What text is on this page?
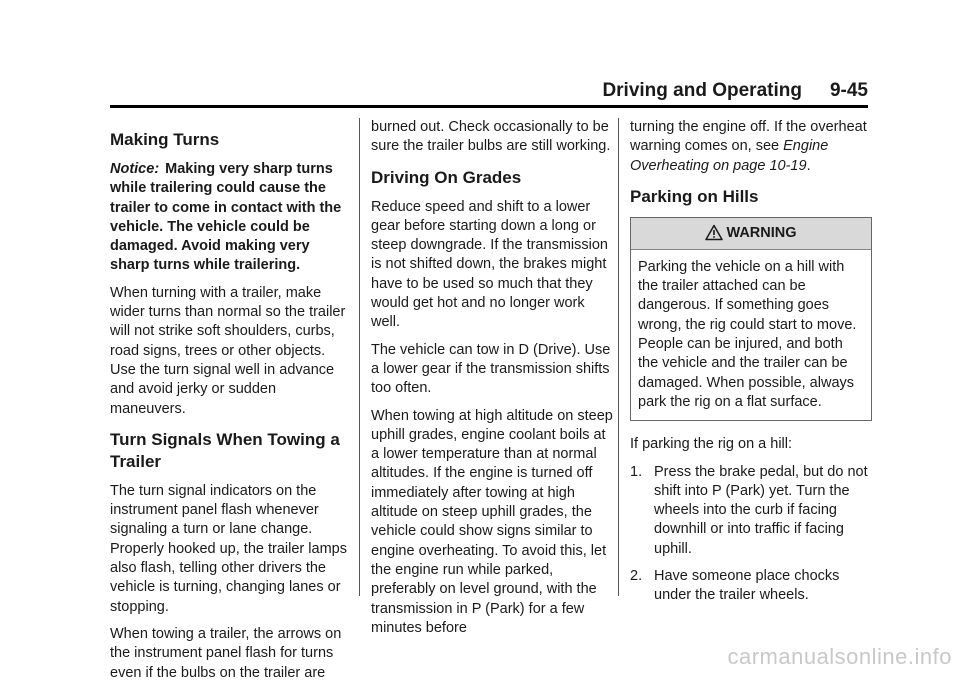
Driving and Operating 9-45
Making Turns

Notice: Making very sharp turns while trailering could cause the trailer to come in contact with the vehicle. The vehicle could be damaged. Avoid making very sharp turns while trailering.

When turning with a trailer, make wider turns than normal so the trailer will not strike soft shoulders, curbs, road signs, trees or other objects. Use the turn signal well in advance and avoid jerky or sudden maneuvers.

Turn Signals When Towing a Trailer

The turn signal indicators on the instrument panel flash whenever signaling a turn or lane change. Properly hooked up, the trailer lamps also flash, telling other drivers the vehicle is turning, changing lanes or stopping.

When towing a trailer, the arrows on the instrument panel flash for turns even if the bulbs on the trailer are

burned out. Check occasionally to be sure the trailer bulbs are still working.

Driving On Grades

Reduce speed and shift to a lower gear before starting down a long or steep downgrade. If the transmission is not shifted down, the brakes might have to be used so much that they would get hot and no longer work well.

The vehicle can tow in D (Drive). Use a lower gear if the transmission shifts too often.

When towing at high altitude on steep uphill grades, engine coolant boils at a lower temperature than at normal altitudes. If the engine is turned off immediately after towing at high altitude on steep uphill grades, the vehicle could show signs similar to engine overheating. To avoid this, let the engine run while parked, preferably on level ground, with the transmission in P (Park) for a few minutes before

turning the engine off. If the overheat warning comes on, see Engine Overheating on page 10-19.

Parking on Hills
WARNING
Parking the vehicle on a hill with the trailer attached can be dangerous. If something goes wrong, the rig could start to move. People can be injured, and both the vehicle and the trailer can be damaged. When possible, always park the rig on a flat surface.

If parking the rig on a hill:

1. Press the brake pedal, but do not shift into P (Park) yet. Turn the wheels into the curb if facing downhill or into traffic if facing uphill.
2. Have someone place chocks under the trailer wheels.
carmanualsonline.info
